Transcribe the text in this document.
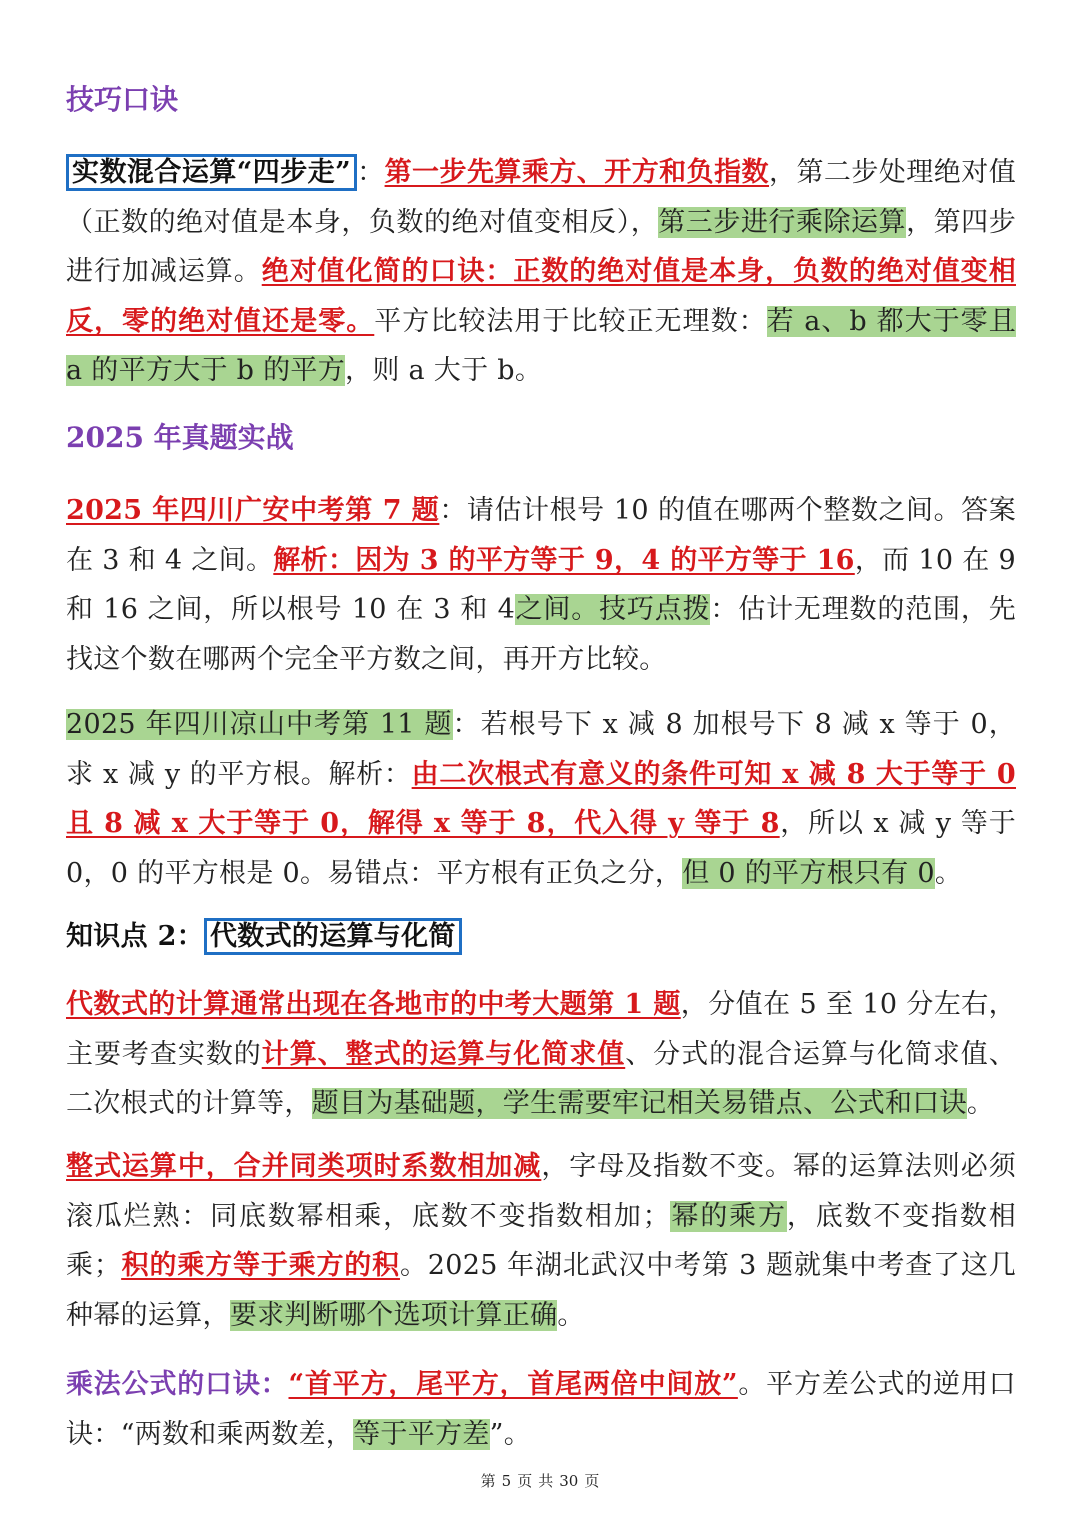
技巧口诀

实数混合运算“四步走” ：第一步先算乘方、开方和负指数，第二步处理绝对值（正数的绝对值是本身，负数的绝对值变相反），第三步进行乘除运算，第四步进行加减运算。绝对值化简的口诀：正数的绝对值是本身，负数的绝对值变相反，零的绝对值还是零。平方比较法用于比较正无理数：若 a、b 都大于零且 a 的平方大于 b 的平方，则 a 大于 b。

2025 年真题实战

2025 年四川广安中考第 7 题：请估计根号 10 的值在哪两个整数之间。答案在 3 和 4 之间。解析：因为 3 的平方等于 9，4 的平方等于 16，而 10 在 9 和 16 之间，所以根号 10 在 3 和 4之间。技巧点拨：估计无理数的范围，先找这个数在哪两个完全平方数之间，再开方比较。

2025 年四川凉山中考第 11 题：若根号下 x 减 8 加根号下 8 减 x 等于 0，求 x 减 y 的平方根。解析：由二次根式有意义的条件可知 x 减 8 大于等于 0 且 8 减 x 大于等于 0，解得 x 等于 8，代入得 y 等于 8，所以 x 减 y 等于 0，0 的平方根是 0。易错点：平方根有正负之分，但 0 的平方根只有 0。

知识点 2： 代数式的运算与化简

代数式的计算通常出现在各地市的中考大题第 1 题，分值在 5 至 10 分左右，主要考查实数的计算、整式的运算与化简求值、分式的混合运算与化简求值、二次根式的计算等，题目为基础题，学生需要牢记相关易错点、公式和口诀。

整式运算中，合并同类项时系数相加减，字母及指数不变。幂的运算法则必须滚瓜烂熟：同底数幂相乘，底数不变指数相加；幂的乘方，底数不变指数相乘；积的乘方等于乘方的积。2025 年湖北武汉中考第 3 题就集中考查了这几种幂的运算，要求判断哪个选项计算正确。

乘法公式的口诀：“首平方，尾平方，首尾两倍中间放”。平方差公式的逆用口诀：“两数和乘两数差，等于平方差”。

第 5 页 共 30 页
